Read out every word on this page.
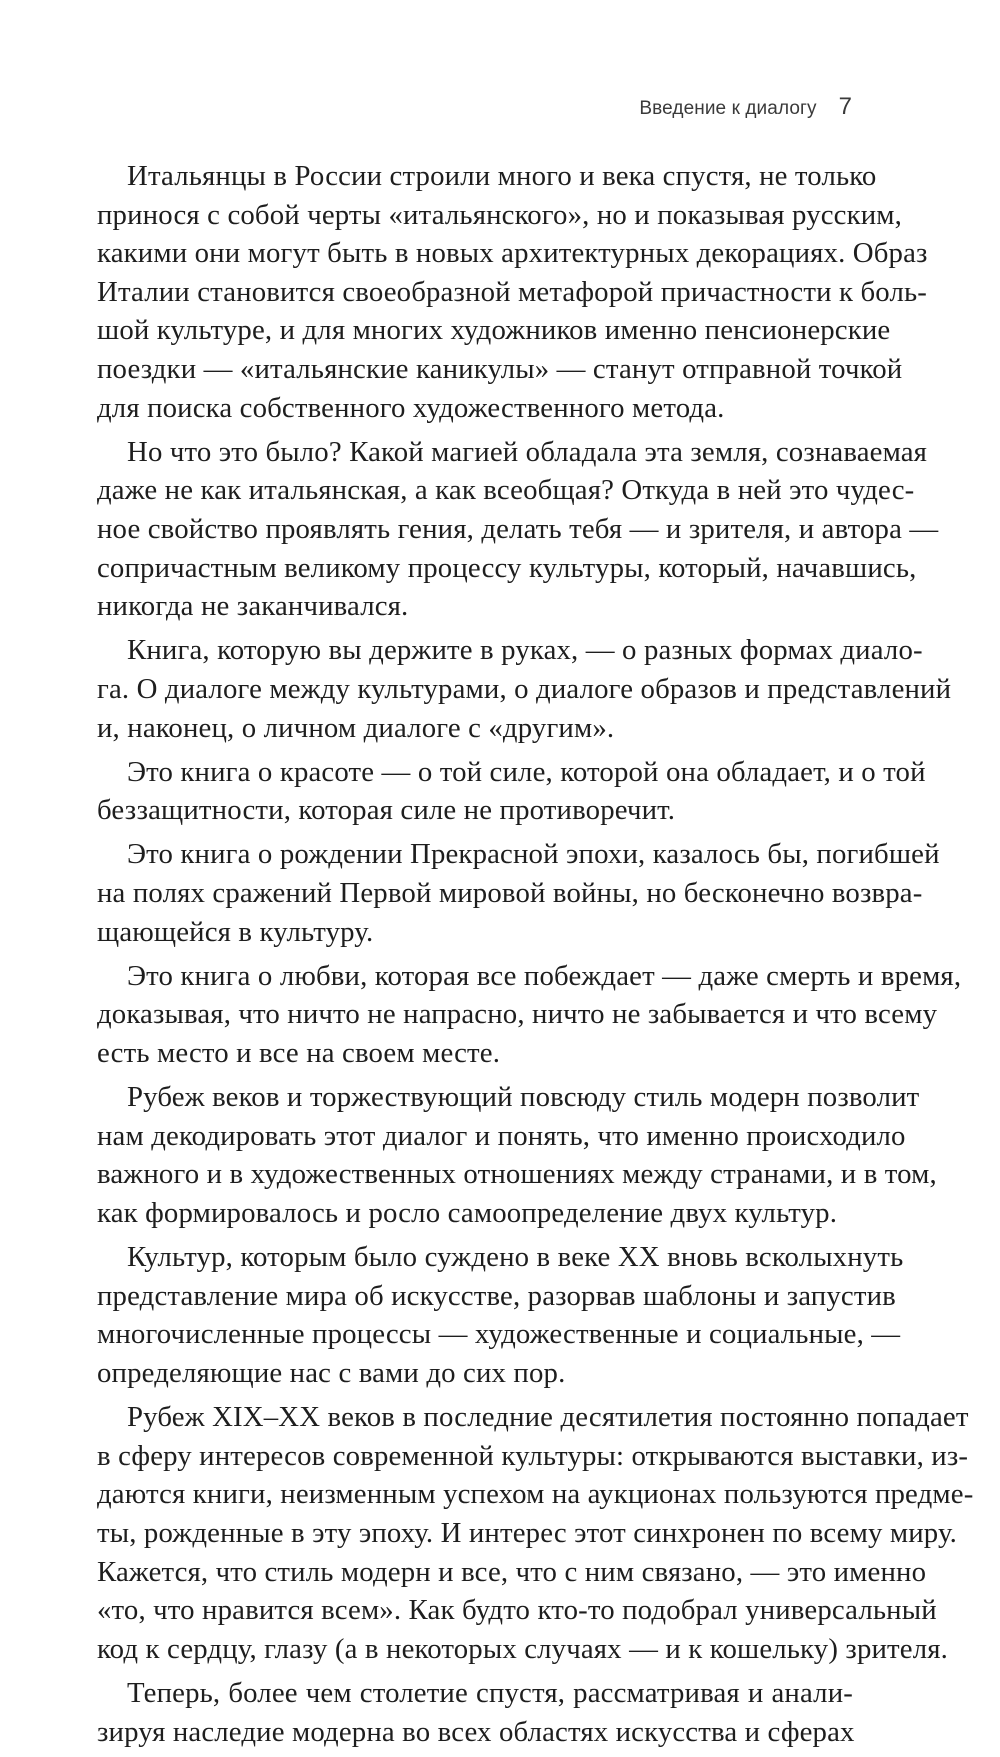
Введение к диалогу 7
Итальянцы в России строили много и века спустя, не только
принося с собой черты «итальянского», но и показывая русским,
какими они могут быть в новых архитектурных декорациях. Образ
Италии становится своеобразной метафорой причастности к боль-
шой культуре, и для многих художников именно пенсионерские
поездки — «итальянские каникулы» — станут отправной точкой
для поиска собственного художественного метода.
Но что это было? Какой магией обладала эта земля, сознаваемая
даже не как итальянская, а как всеобщая? Откуда в ней это чудес-
ное свойство проявлять гения, делать тебя — и зрителя, и автора —
сопричастным великому процессу культуры, который, начавшись,
никогда не заканчивался.
Книга, которую вы держите в руках, — о разных формах диало-
га. О диалоге между культурами, о диалоге образов и представлений
и, наконец, о личном диалоге с «другим».
Это книга о красоте — о той силе, которой она обладает, и о той
беззащитности, которая силе не противоречит.
Это книга о рождении Прекрасной эпохи, казалось бы, погибшей
на полях сражений Первой мировой войны, но бесконечно возвра-
щающейся в культуру.
Это книга о любви, которая все побеждает — даже смерть и время,
доказывая, что ничто не напрасно, ничто не забывается и что всему
есть место и все на своем месте.
Рубеж веков и торжествующий повсюду стиль модерн позволит
нам декодировать этот диалог и понять, что именно происходило
важного и в художественных отношениях между странами, и в том,
как формировалось и росло самоопределение двух культур.
Культур, которым было суждено в веке XX вновь всколыхнуть
представление мира об искусстве, разорвав шаблоны и запустив
многочисленные процессы — художественные и социальные, —
определяющие нас с вами до сих пор.
Рубеж XIX–XX веков в последние десятилетия постоянно попадает
в сферу интересов современной культуры: открываются выставки, из-
даются книги, неизменным успехом на аукционах пользуются предме-
ты, рожденные в эту эпоху. И интерес этот синхронен по всему миру.
Кажется, что стиль модерн и все, что с ним связано, — это именно
«то, что нравится всем». Как будто кто-то подобрал универсальный
код к сердцу, глазу (а в некоторых случаях — и к кошельку) зрителя.
Теперь, более чем столетие спустя, рассматривая и анали-
зируя наследие модерна во всех областях искусства и сферах
